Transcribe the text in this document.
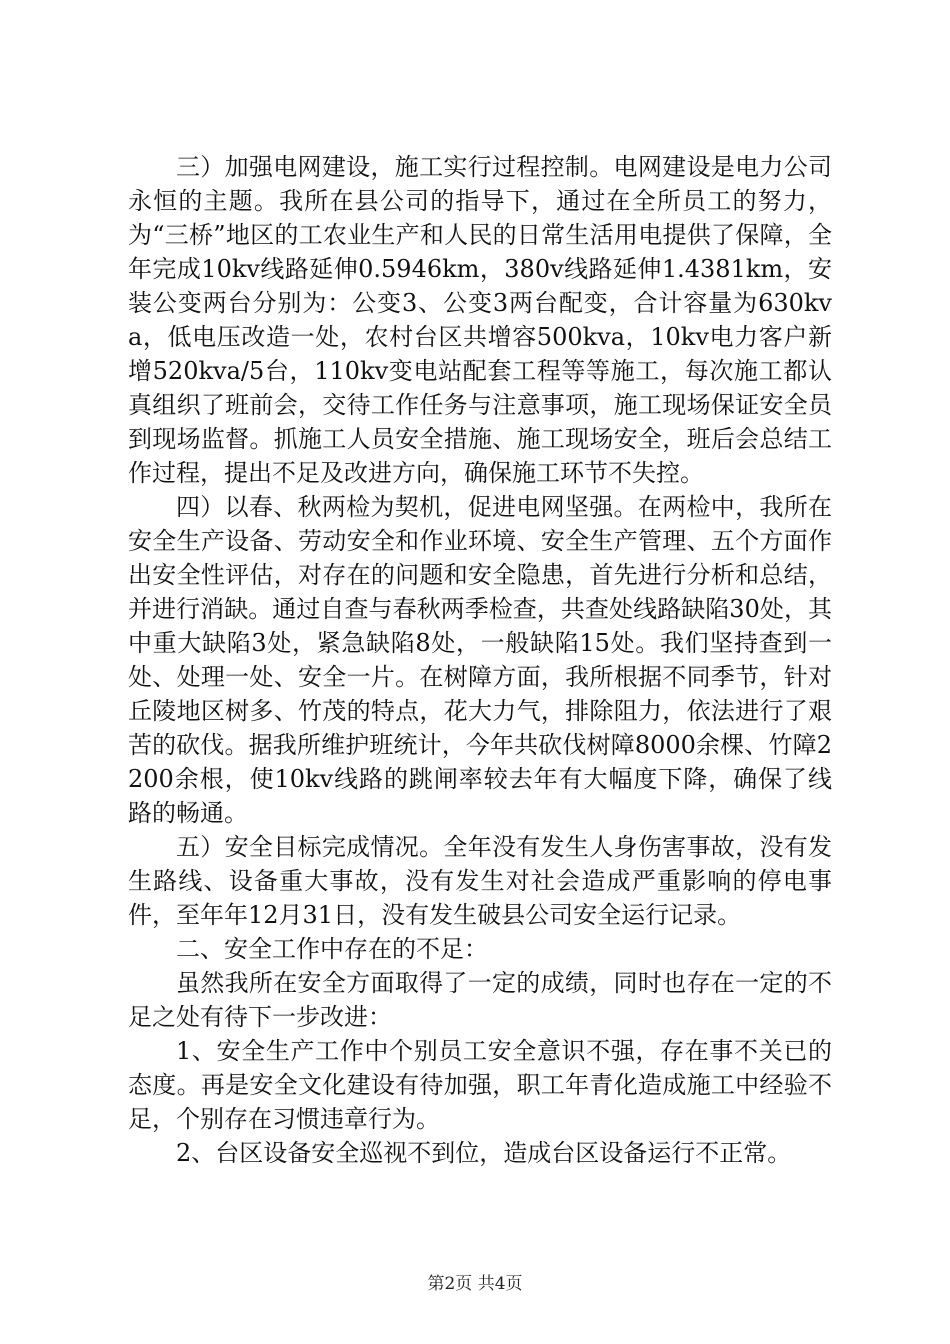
三）加强电网建设，施工实行过程控制。电网建设是电力公司永恒的主题。我所在县公司的指导下，通过在全所员工的努力，为“三桥”地区的工农业生产和人民的日常生活用电提供了保障，全年完成10kv线路延伸0.5946km，380v线路延伸1.4381km，安装公变两台分别为：公变3、公变3两台配变，合计容量为630kva，低电压改造一处，农村台区共增容500kva，10kv电力客户新增520kva/5台，110kv变电站配套工程等等施工，每次施工都认真组织了班前会，交待工作任务与注意事项，施工现场保证安全员到现场监督。抓施工人员安全措施、施工现场安全，班后会总结工作过程，提出不足及改进方向，确保施工环节不失控。

四）以春、秋两检为契机，促进电网坚强。在两检中，我所在安全生产设备、劳动安全和作业环境、安全生产管理、五个方面作出安全性评估，对存在的问题和安全隐患，首先进行分析和总结，并进行消缺。通过自查与春秋两季检查，共查处线路缺陷30处，其中重大缺陷3处，紧急缺陷8处，一般缺陷15处。我们坚持查到一处、处理一处、安全一片。在树障方面，我所根据不同季节，针对丘陵地区树多、竹茂的特点，花大力气，排除阻力，依法进行了艰苦的砍伐。据我所维护班统计，今年共砍伐树障8000余棵、竹障2200余根，使10kv线路的跳闸率较去年有大幅度下降，确保了线路的畅通。

五）安全目标完成情况。全年没有发生人身伤害事故，没有发生路线、设备重大事故，没有发生对社会造成严重影响的停电事件，至年年12月31日，没有发生破县公司安全运行记录。

二、安全工作中存在的不足：

虽然我所在安全方面取得了一定的成绩，同时也存在一定的不足之处有待下一步改进：

1、安全生产工作中个别员工安全意识不强，存在事不关已的态度。再是安全文化建设有待加强，职工年青化造成施工中经验不足，个别存在习惯违章行为。

2、台区设备安全巡视不到位，造成台区设备运行不正常。

第2页 共4页
